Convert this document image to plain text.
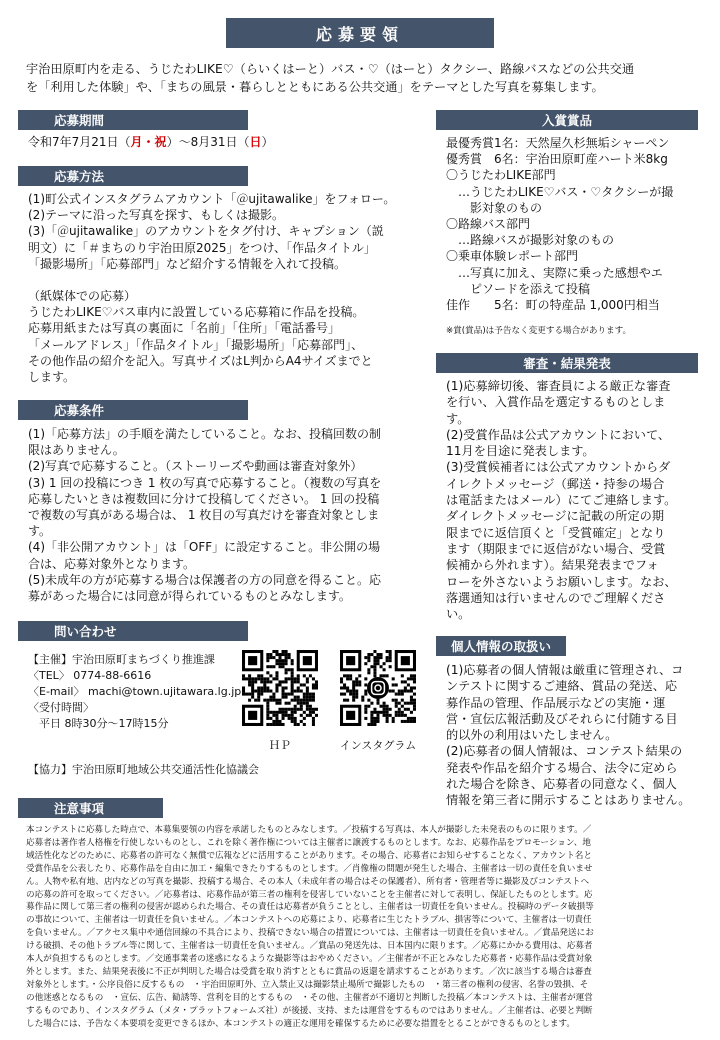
応募要領

宇治田原町内を走る、うじたわLIKE♡（らいくはーと）バス・♡（はーと）タクシー、路線バスなどの公共交通

を「利用した体験」や、「まちの風景・暮らしとともにある公共交通」をテーマとした写真を募集します。

応募期間

令和7年7月21日（月・祝）～8月31日（日）

応募方法

(1)町公式インスタグラムアカウント「＠ujitawalike」をフォロー。

(2)テーマに沿った写真を探す、もしくは撮影。

(3)「＠ujitawalike」のアカウントをタグ付け、キャプション（説

明文）に「＃まちのり宇治田原2025」をつけ、「作品タイトル」

「撮影場所」「応募部門」など紹介する情報を入れて投稿。

（紙媒体での応募）

うじたわLIKE♡バス車内に設置している応募箱に作品を投稿。

応募用紙または写真の裏面に「名前」「住所」「電話番号」

「メールアドレス」「作品タイトル」「撮影場所」「応募部門」、

その他作品の紹介を記入。写真サイズはL判からA4サイズまでと

します。

応募条件

(1)「応募方法」の手順を満たしていること。なお、投稿回数の制

限はありません。

(2)写真で応募すること。（ストーリーズや動画は審査対象外）

(3) 1 回の投稿につき 1 枚の写真で応募すること。（複数の写真を

応募したいときは複数回に分けて投稿してください。 1 回の投稿

で複数の写真がある場合は、 1 枚目の写真だけを審査対象としま

す。

(4)「非公開アカウント」は「OFF」に設定すること。非公開の場

合は、応募対象外となります。

(5)未成年の方が応募する場合は保護者の方の同意を得ること。応

募があった場合には同意が得られているものとみなします。

問い合わせ

【主催】宇治田原町まちづくり推進課

〈TEL〉 0774-88-6616

〈E-mail〉 machi@town.ujitawara.lg.jp

〈受付時間〉

　平日 8時30分～17時15分

ＨＰ	インスタグラム

【協力】宇治田原町地域公共交通活性化協議会

入賞賞品

最優秀賞1名：天然屋久杉無垢シャーペン

優秀賞　6名：宇治田原町産ハート米8kg

〇うじたわLIKE部門

　…うじたわLIKE♡バス・♡タクシーが撮

　　影対象のもの

〇路線バス部門

　…路線バスが撮影対象のもの

〇乗車体験レポート部門

　…写真に加え、実際に乗った感想やエ

　　ピソードを添えて投稿

佳作　　5名：町の特産品 1,000円相当

※賞(賞品)は予告なく変更する場合があります。

審査・結果発表

(1)応募締切後、審査員による厳正な審査

を行い、入賞作品を選定するものとしま

す。

(2)受賞作品は公式アカウントにおいて、

11月を目途に発表します。

(3)受賞候補者には公式アカウントからダ

イレクトメッセージ（郵送・持参の場合

は電話またはメール）にてご連絡します。

ダイレクトメッセージに記載の所定の期

限までに返信頂くと「受賞確定」となり

ます（期限までに返信がない場合、受賞

候補から外れます）。結果発表までフォ

ローを外さないようお願いします。なお、

落選通知は行いませんのでご理解くださ

い。

個人情報の取扱い

(1)応募者の個人情報は厳重に管理され、コ

ンテストに関するご連絡、賞品の発送、応

募作品の管理、作品展示などの実施・運

営・宣伝広報活動及びそれらに付随する目

的以外の利用はいたしません。

(2)応募者の個人情報は、コンテスト結果の

発表や作品を紹介する場合、法令に定めら

れた場合を除き、応募者の同意なく、個人

情報を第三者に開示することはありません。

注意事項

本コンテストに応募した時点で、本募集要領の内容を承諾したものとみなします。／投稿する写真は、本人が撮影した未発表のものに限ります。／

応募者は著作者人格権を行使しないものとし、これを除く著作権については主催者に譲渡するものとします。なお、応募作品をプロモーション、地

域活性化などのために、応募者の許可なく無償で広報などに活用することがあります。その場合、応募者にお知らせすることなく、アカウント名と

受賞作品を公表したり、応募作品を自由に加工・編集できたりするものとします。／肖像権の問題が発生した場合、主催者は一切の責任を負いませ

ん。人物や私有地、店内などの写真を撮影、投稿する場合、その本人（未成年者の場合はその保護者）、所有者・管理者等に撮影及びコンテストへ

の応募の許可を取ってください。／応募者は、応募作品が第三者の権利を侵害していないことを主催者に対して表明し、保証したものとします。応

募作品に関して第三者の権利の侵害が認められた場合、その責任は応募者が負うこととし、主催者は一切責任を負いません。投稿時のデータ破損等

の事故について、主催者は一切責任を負いません。／本コンテストへの応募により、応募者に生じたトラブル、損害等について、主催者は一切責任

を負いません。／アクセス集中や通信回線の不具合により、投稿できない場合の措置については、主催者は一切責任を負いません。／賞品発送にお

ける破損、その他トラブル等に関して、主催者は一切責任を負いません。／賞品の発送先は、日本国内に限ります。／応募にかかる費用は、応募者

本人が負担するものとします。／交通事業者の迷惑になるような撮影等はおやめください。／主催者が不正とみなした応募者・応募作品は受賞対象

外とします。また、結果発表後に不正が判明した場合は受賞を取り消すとともに賞品の返還を請求することがあります。／次に該当する場合は審査

対象外とします。・公序良俗に反するもの　・宇治田原町外、立入禁止又は撮影禁止場所で撮影したもの　・第三者の権利の侵害、名誉の毀損、そ

の他迷惑となるもの　・宣伝、広告、勧誘等、営利を目的とするもの　・その他、主催者が不適切と判断した投稿／本コンテストは、主催者が運営

するものであり、インスタグラム（メタ・プラットフォームズ社）が後援、支持、または運営をするものではありません。／主催者は、必要と判断

した場合には、予告なく本要項を変更できるほか、本コンテストの適正な運用を確保するために必要な措置をとることができるものとします。
